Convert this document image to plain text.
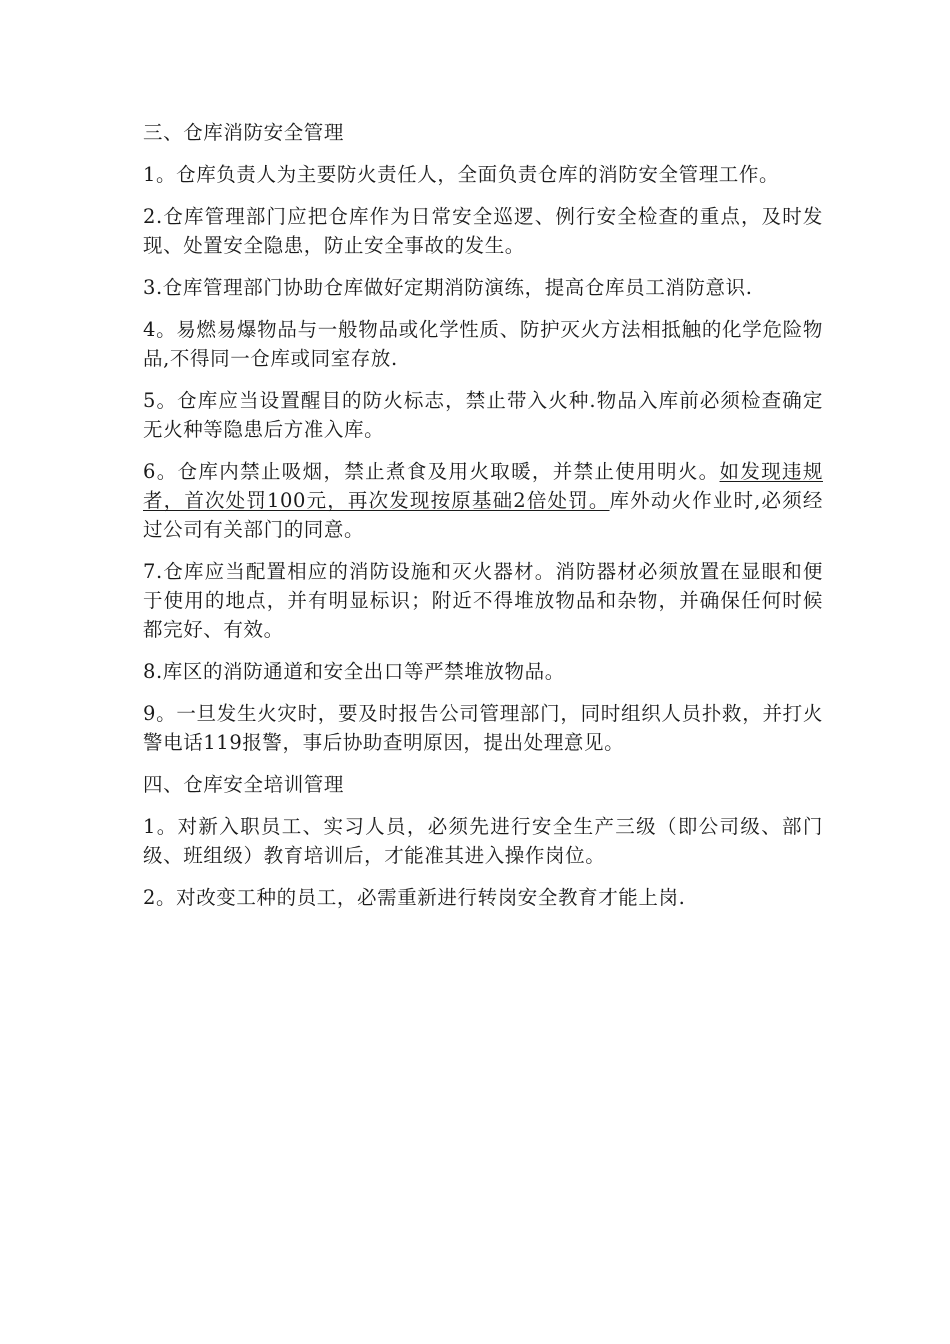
三、仓库消防安全管理

1。仓库负责人为主要防火责任人，全面负责仓库的消防安全管理工作。

2.仓库管理部门应把仓库作为日常安全巡逻、例行安全检查的重点，及时发现、处置安全隐患，防止安全事故的发生。

3.仓库管理部门协助仓库做好定期消防演练，提高仓库员工消防意识.

4。易燃易爆物品与一般物品或化学性质、防护灭火方法相抵触的化学危险物品,不得同一仓库或同室存放.

5。仓库应当设置醒目的防火标志，禁止带入火种.物品入库前必须检查确定无火种等隐患后方准入库。

6。仓库内禁止吸烟，禁止煮食及用火取暖，并禁止使用明火。如发现违规者，首次处罚100元，再次发现按原基础2倍处罚。库外动火作业时,必须经过公司有关部门的同意。

7.仓库应当配置相应的消防设施和灭火器材。消防器材必须放置在显眼和便于使用的地点，并有明显标识；附近不得堆放物品和杂物，并确保任何时候都完好、有效。

8.库区的消防通道和安全出口等严禁堆放物品。

9。一旦发生火灾时，要及时报告公司管理部门，同时组织人员扑救，并打火警电话119报警，事后协助查明原因，提出处理意见。

四、仓库安全培训管理

1。对新入职员工、实习人员，必须先进行安全生产三级（即公司级、部门级、班组级）教育培训后，才能准其进入操作岗位。

2。对改变工种的员工，必需重新进行转岗安全教育才能上岗.
